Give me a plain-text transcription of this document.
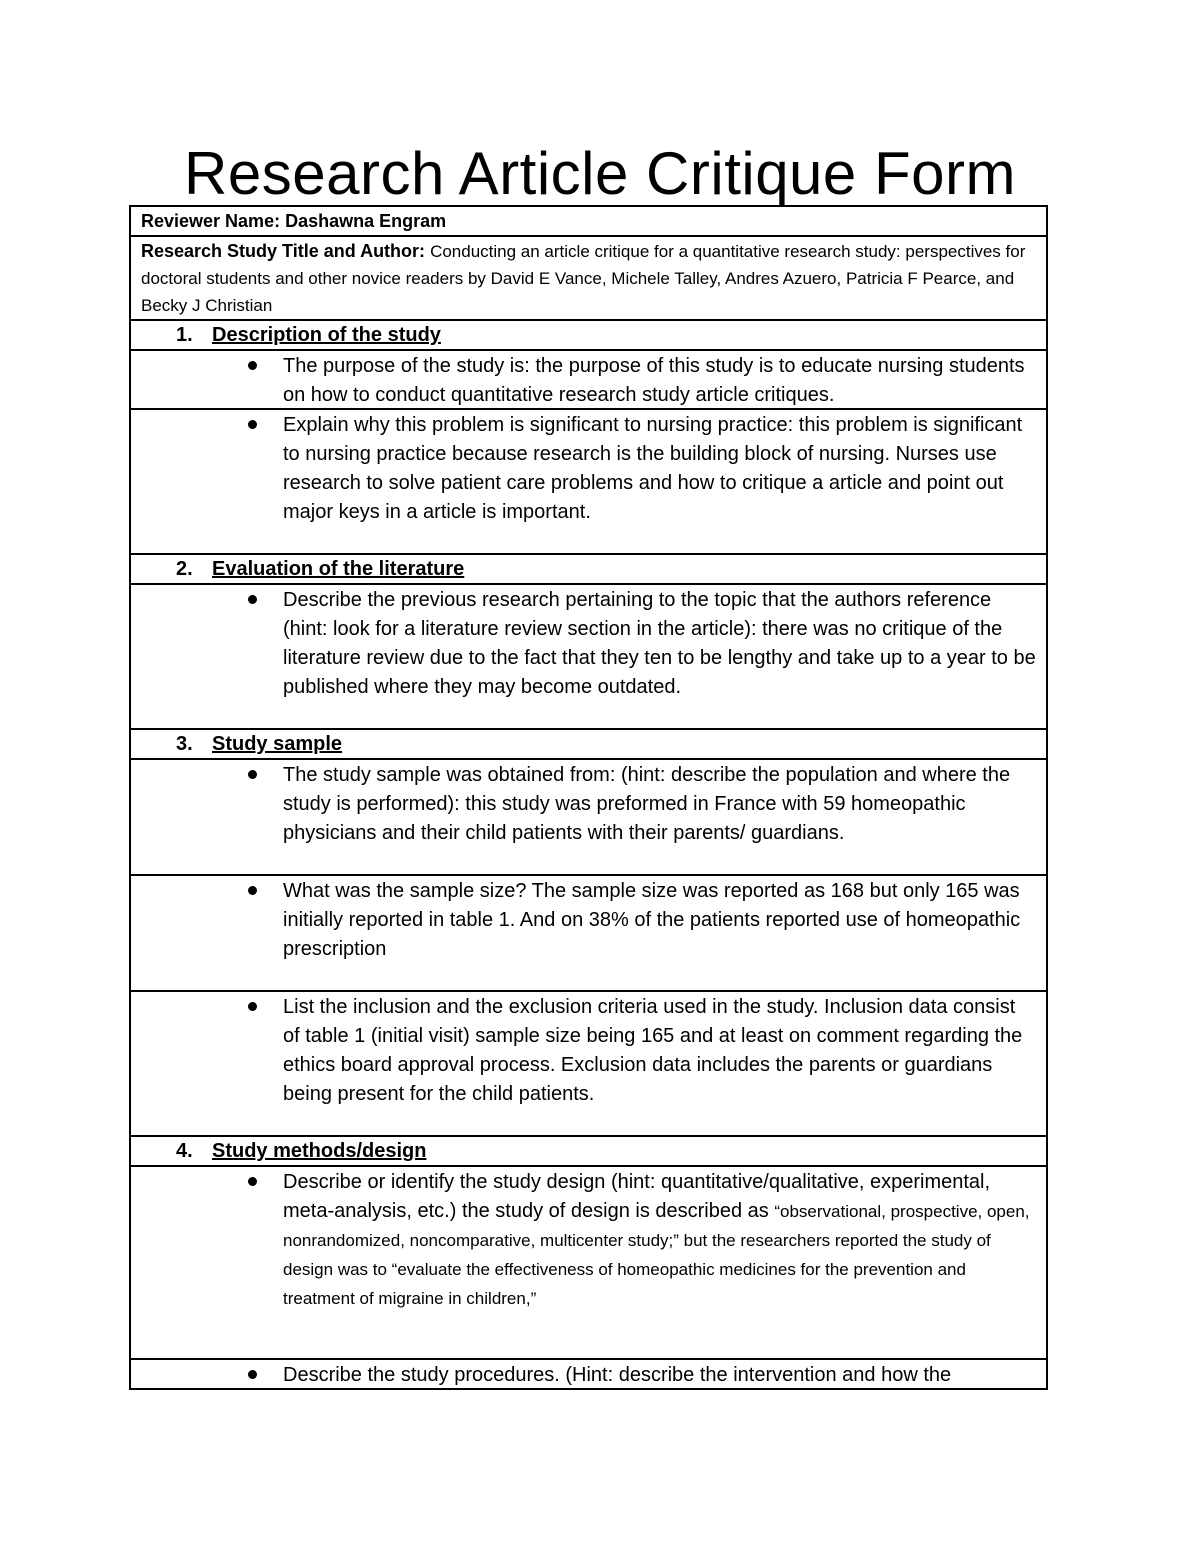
Research Article Critique Form
Reviewer Name: Dashawna Engram
Research Study Title and Author: Conducting an article critique for a quantitative research study: perspectives for doctoral students and other novice readers by David E Vance, Michele Talley, Andres Azuero, Patricia F Pearce, and Becky J Christian
1. Description of the study
The purpose of the study is: the purpose of this study is to educate nursing students on how to conduct quantitative research study article critiques.
Explain why this problem is significant to nursing practice: this problem is significant to nursing practice because research is the building block of nursing. Nurses use research to solve patient care problems and how to critique a article and point out major keys in a article is important.
2. Evaluation of the literature
Describe the previous research pertaining to the topic that the authors reference (hint: look for a literature review section in the article): there was no critique of the literature review due to the fact that they ten to be lengthy and take up to a year to be published where they may become outdated.
3. Study sample
The study sample was obtained from: (hint: describe the population and where the study is performed): this study was preformed in France with 59 homeopathic physicians and their child patients with their parents/ guardians.
What was the sample size? The sample size was reported as 168 but only 165 was initially reported in table 1. And on 38% of the patients reported use of homeopathic prescription
List the inclusion and the exclusion criteria used in the study. Inclusion data consist of table 1 (initial visit) sample size being 165 and at least on comment regarding the ethics board approval process. Exclusion data includes the parents or guardians being present for the child patients.
4. Study methods/design
Describe or identify the study design (hint: quantitative/qualitative, experimental, meta-analysis, etc.) the study of design is described as “observational, prospective, open, nonrandomized, noncomparative, multicenter study;” but the researchers reported the study of design was to “evaluate the effectiveness of homeopathic medicines for the prevention and treatment of migraine in children,”
Describe the study procedures. (Hint: describe the intervention and how the
